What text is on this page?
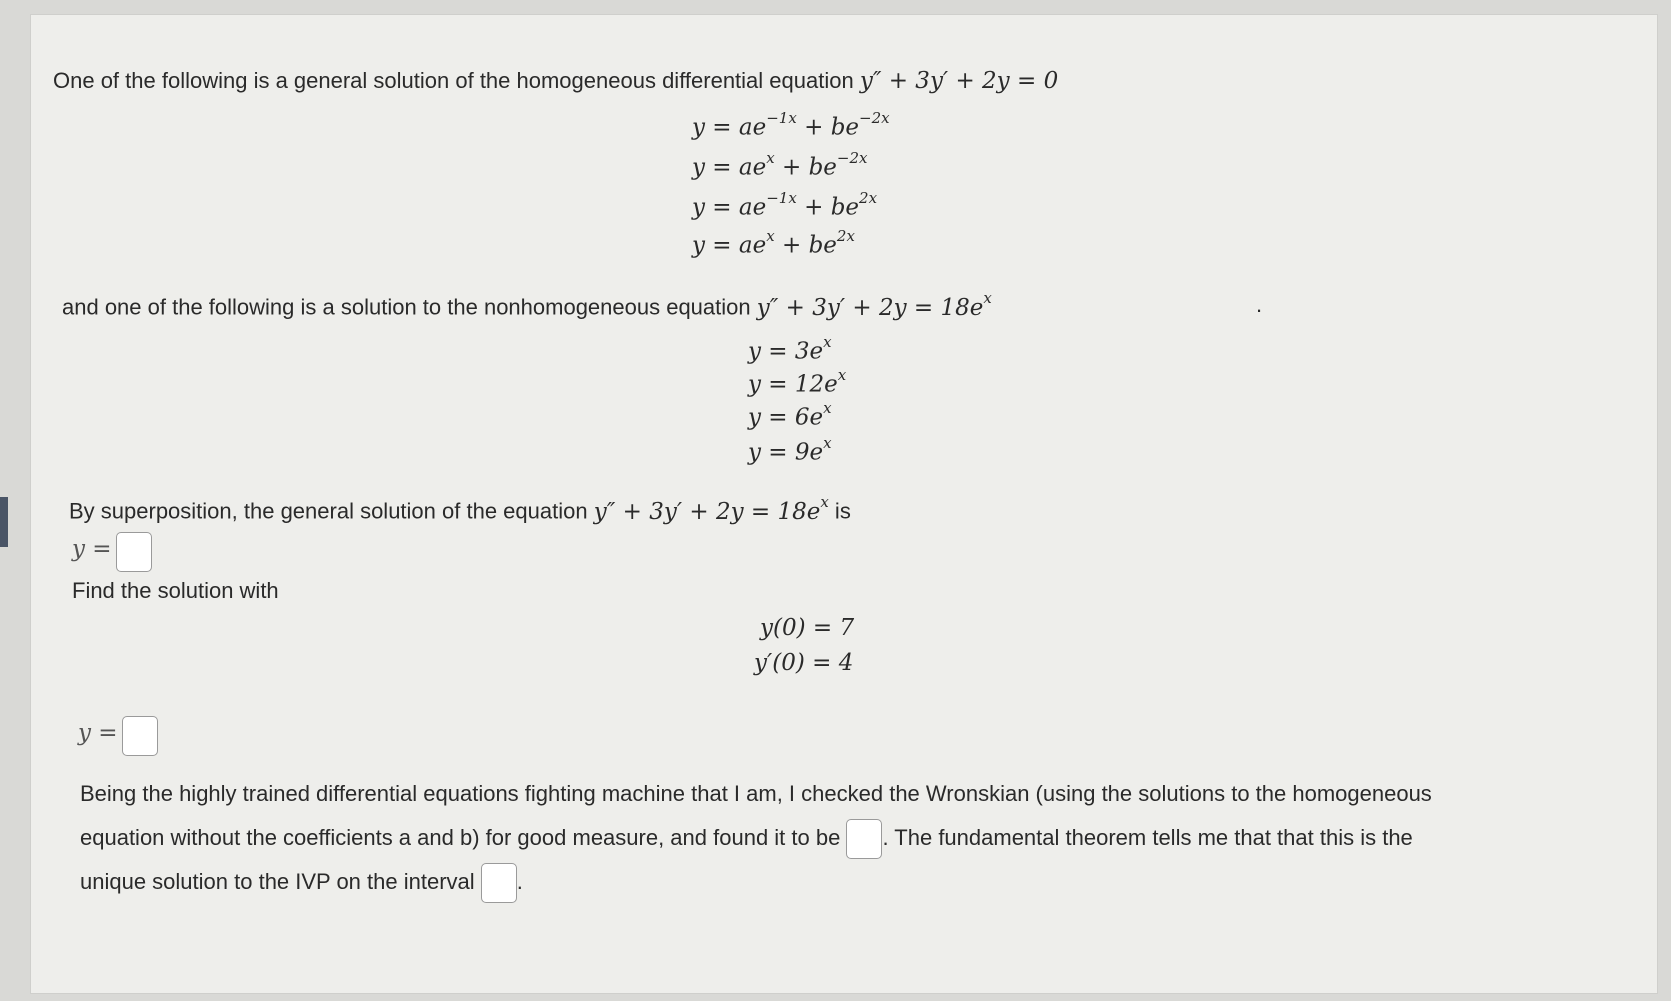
One of the following is a general solution of the homogeneous differential equation y″ + 3y′ + 2y = 0
$y = ae^{-1x} + be^{-2x}$
$y = ae^x + be^{-2x}$
$y = ae^{-1x} + be^{2x}$
$y = ae^x + be^{2x}$
and one of the following is a solution to the nonhomogeneous equation $y'' + 3y' + 2y = 18e^x$	.
$y = 3e^x$
$y = 12e^x$
$y = 6e^x$
$y = 9e^x$
By superposition, the general solution of the equation $y'' + 3y' + 2y = 18e^x$ is
y =
Find the solution with
y(0) = 7
y′(0) = 4
y =
Being the highly trained differential equations fighting machine that I am, I checked the Wronskian (using the solutions to the homogeneous
equation without the coefficients a and b) for good measure, and found it to be . The fundamental theorem tells me that that this is the
unique solution to the IVP on the interval .
